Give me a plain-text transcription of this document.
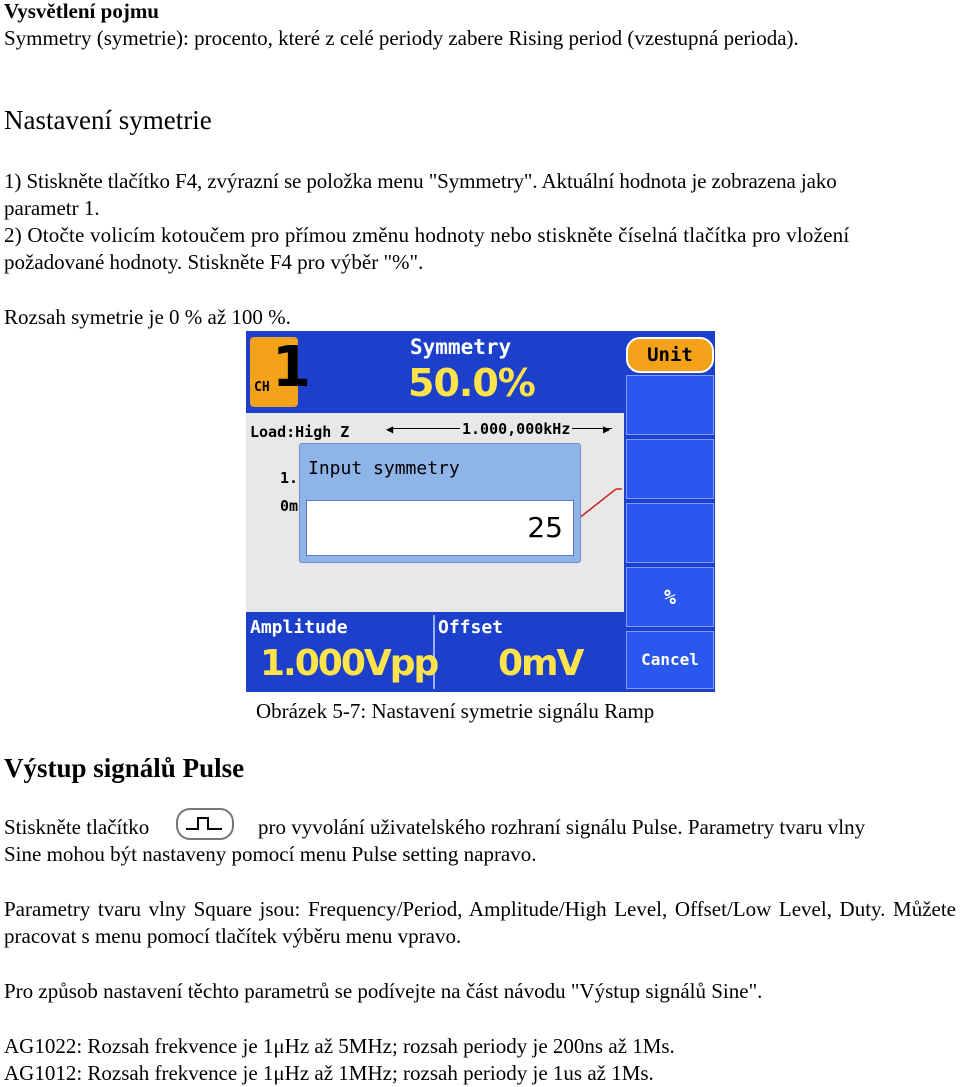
Vysvětlení pojmu
Symmetry (symetrie): procento, které z celé periody zabere Rising period (vzestupná perioda).
Nastavení symetrie
1) Stiskněte tlačítko F4, zvýrazní se položka menu "Symmetry". Aktuální hodnota je zobrazena jako
parametr 1.
2) Otočte volicím kotoučem pro přímou změnu hodnoty nebo stiskněte číselná tlačítka pro vložení
požadované hodnoty. Stiskněte F4 pro výběr "%".
Rozsah symetrie je 0 % až 100 %.
CH 1	Symmetry
50.0%
Load:High Z	◀	▶
1.000,000kHz
1.
0m
Input symmetry
25
Amplitude
1.000Vpp
Offset
0mV
Unit
%
Cancel
Obrázek 5-7: Nastavení symetrie signálu Ramp
Výstup signálů Pulse
Stiskněte tlačítko	pro vyvolání uživatelského rozhraní signálu Pulse. Parametry tvaru vlny
Sine mohou být nastaveny pomocí menu Pulse setting napravo.
Parametry tvaru vlny Square jsou: Frequency/Period, Amplitude/High Level, Offset/Low Level, Duty. Můžete pracovat s menu pomocí tlačítek výběru menu vpravo.
Pro způsob nastavení těchto parametrů se podívejte na část návodu "Výstup signálů Sine".
AG1022: Rozsah frekvence je 1μHz až 5MHz; rozsah periody je 200ns až 1Ms.
AG1012: Rozsah frekvence je 1μHz až 1MHz; rozsah periody je 1us až 1Ms.
